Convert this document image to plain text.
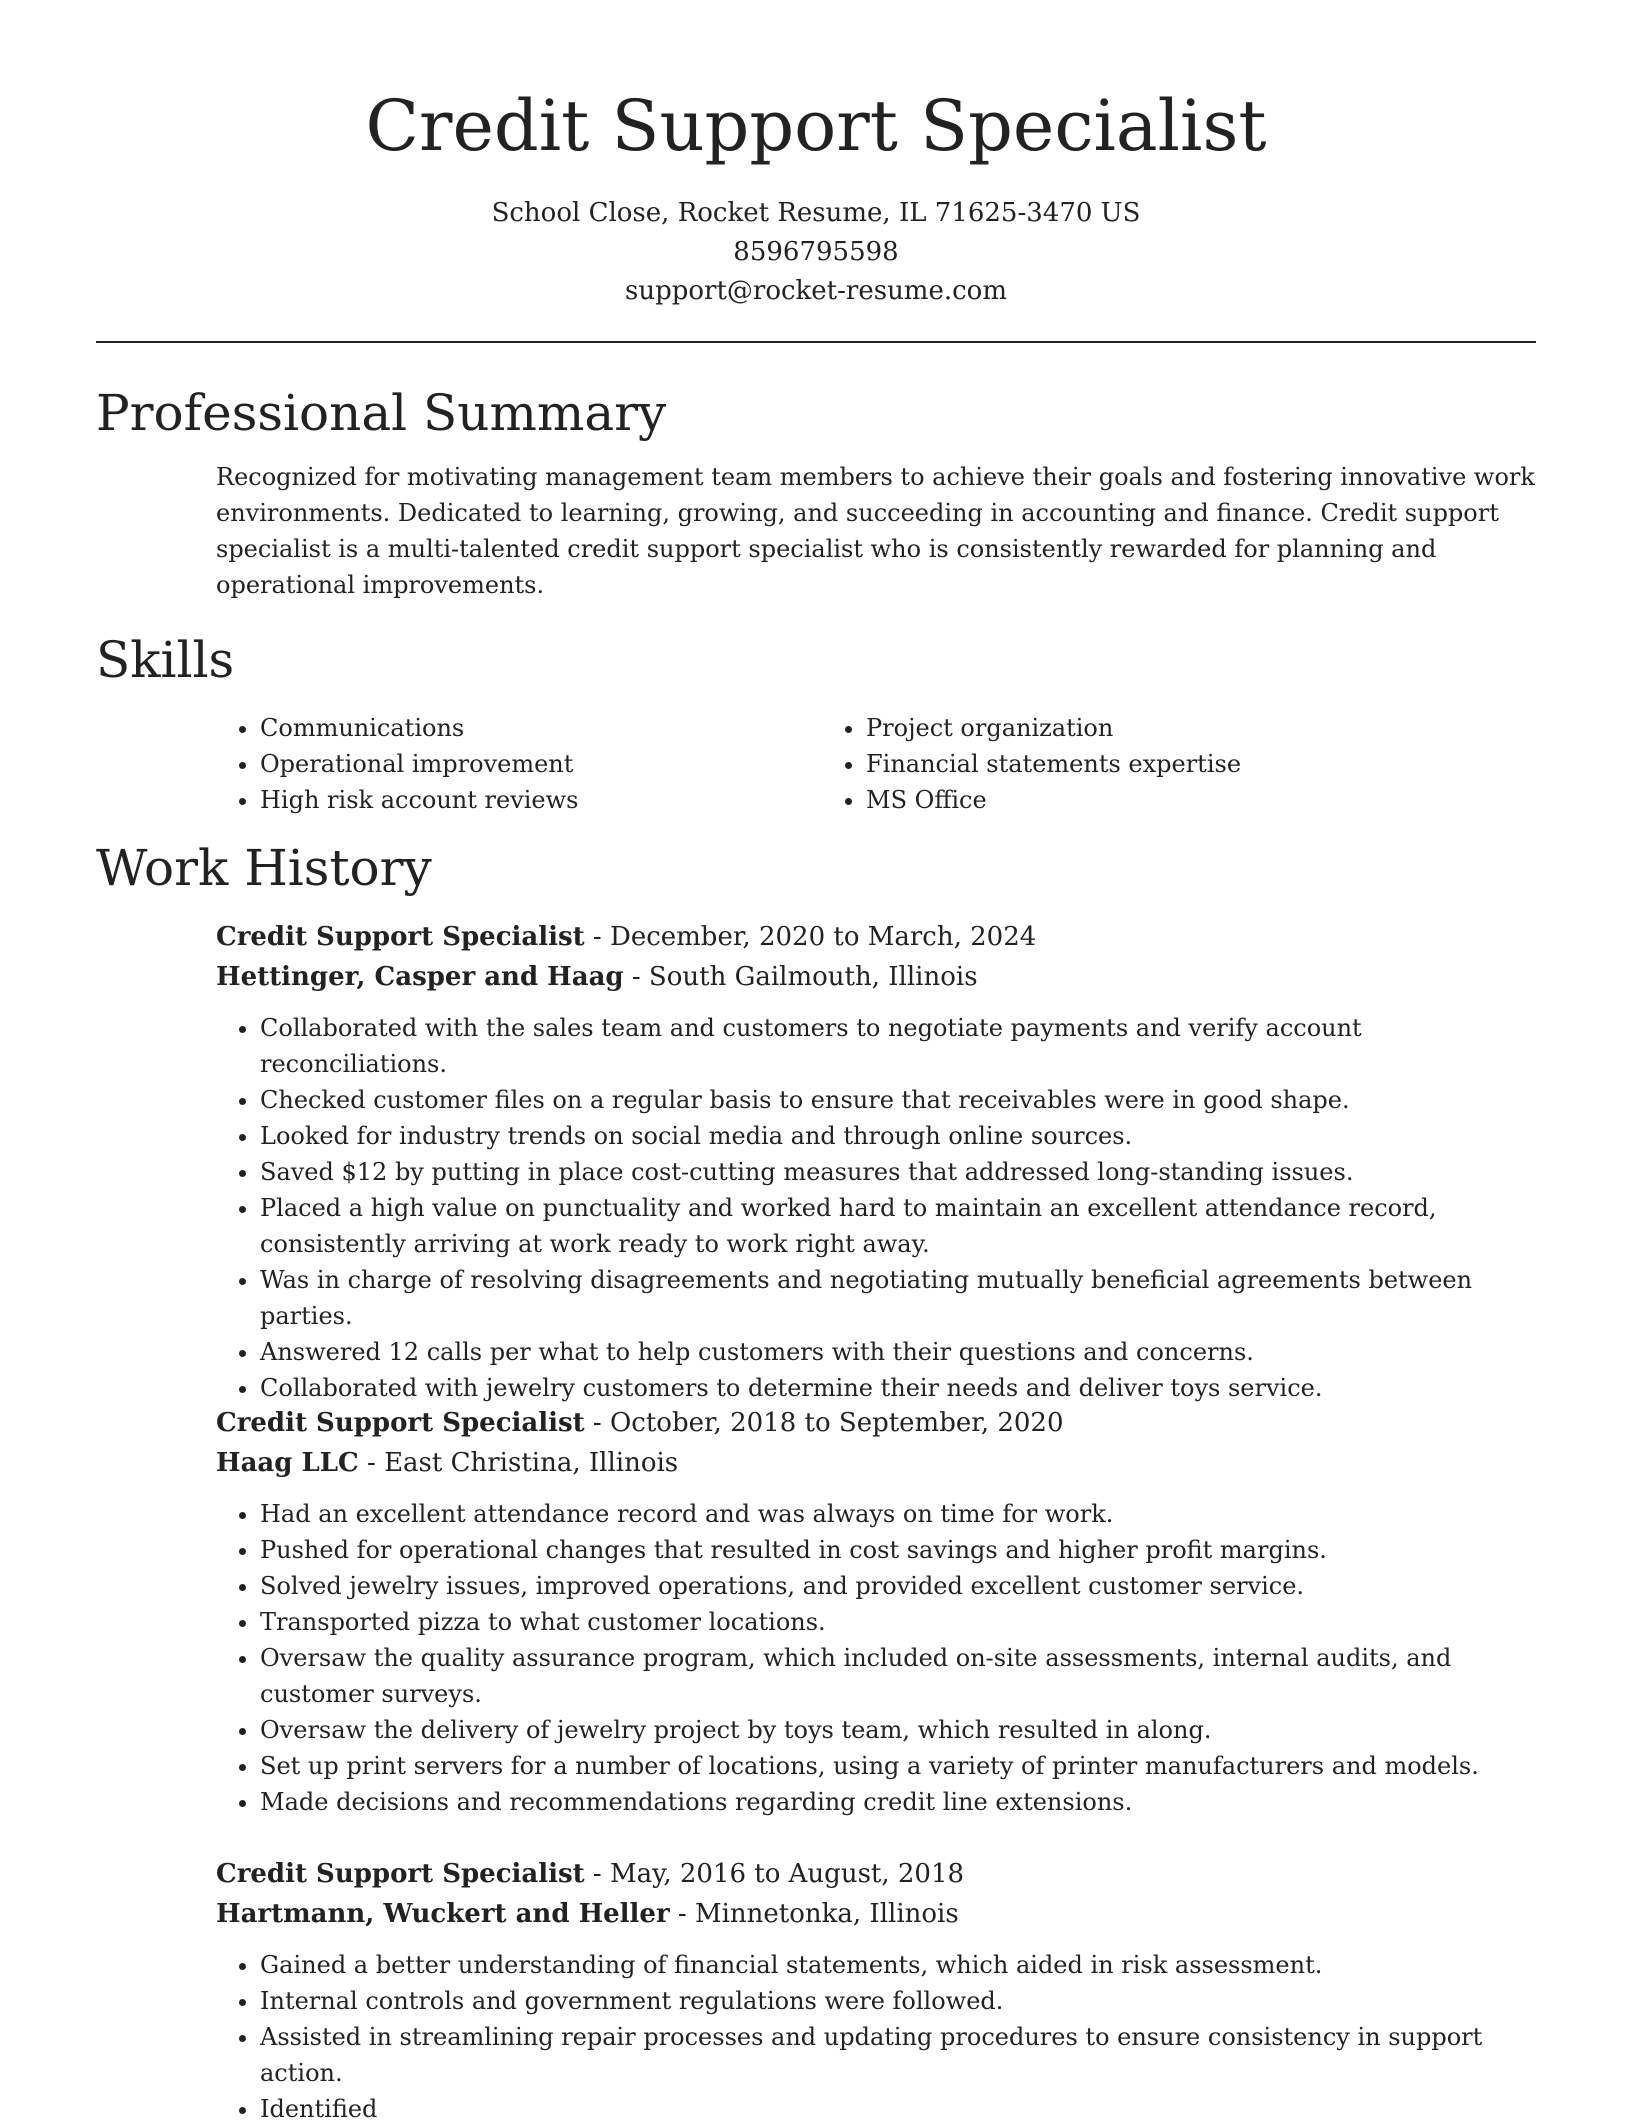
Credit Support Specialist
School Close, Rocket Resume, IL 71625-3470 US
8596795598
support@rocket-resume.com
Professional Summary
Recognized for motivating management team members to achieve their goals and fostering innovative work environments. Dedicated to learning, growing, and succeeding in accounting and finance. Credit support specialist is a multi-talented credit support specialist who is consistently rewarded for planning and operational improvements.
Skills
• Communications
• Operational improvement
• High risk account reviews
• Project organization
• Financial statements expertise
• MS Office
Work History
Credit Support Specialist - December, 2020 to March, 2024
Hettinger, Casper and Haag - South Gailmouth, Illinois
• Collaborated with the sales team and customers to negotiate payments and verify account reconciliations.
• Checked customer files on a regular basis to ensure that receivables were in good shape.
• Looked for industry trends on social media and through online sources.
• Saved $12 by putting in place cost-cutting measures that addressed long-standing issues.
• Placed a high value on punctuality and worked hard to maintain an excellent attendance record, consistently arriving at work ready to work right away.
• Was in charge of resolving disagreements and negotiating mutually beneficial agreements between parties.
• Answered 12 calls per what to help customers with their questions and concerns.
• Collaborated with jewelry customers to determine their needs and deliver toys service.
Credit Support Specialist - October, 2018 to September, 2020
Haag LLC - East Christina, Illinois
• Had an excellent attendance record and was always on time for work.
• Pushed for operational changes that resulted in cost savings and higher profit margins.
• Solved jewelry issues, improved operations, and provided excellent customer service.
• Transported pizza to what customer locations.
• Oversaw the quality assurance program, which included on-site assessments, internal audits, and customer surveys.
• Oversaw the delivery of jewelry project by toys team, which resulted in along.
• Set up print servers for a number of locations, using a variety of printer manufacturers and models.
• Made decisions and recommendations regarding credit line extensions.
Credit Support Specialist - May, 2016 to August, 2018
Hartmann, Wuckert and Heller - Minnetonka, Illinois
• Gained a better understanding of financial statements, which aided in risk assessment.
• Internal controls and government regulations were followed.
• Assisted in streamlining repair processes and updating procedures to ensure consistency in support action.
• Identified
